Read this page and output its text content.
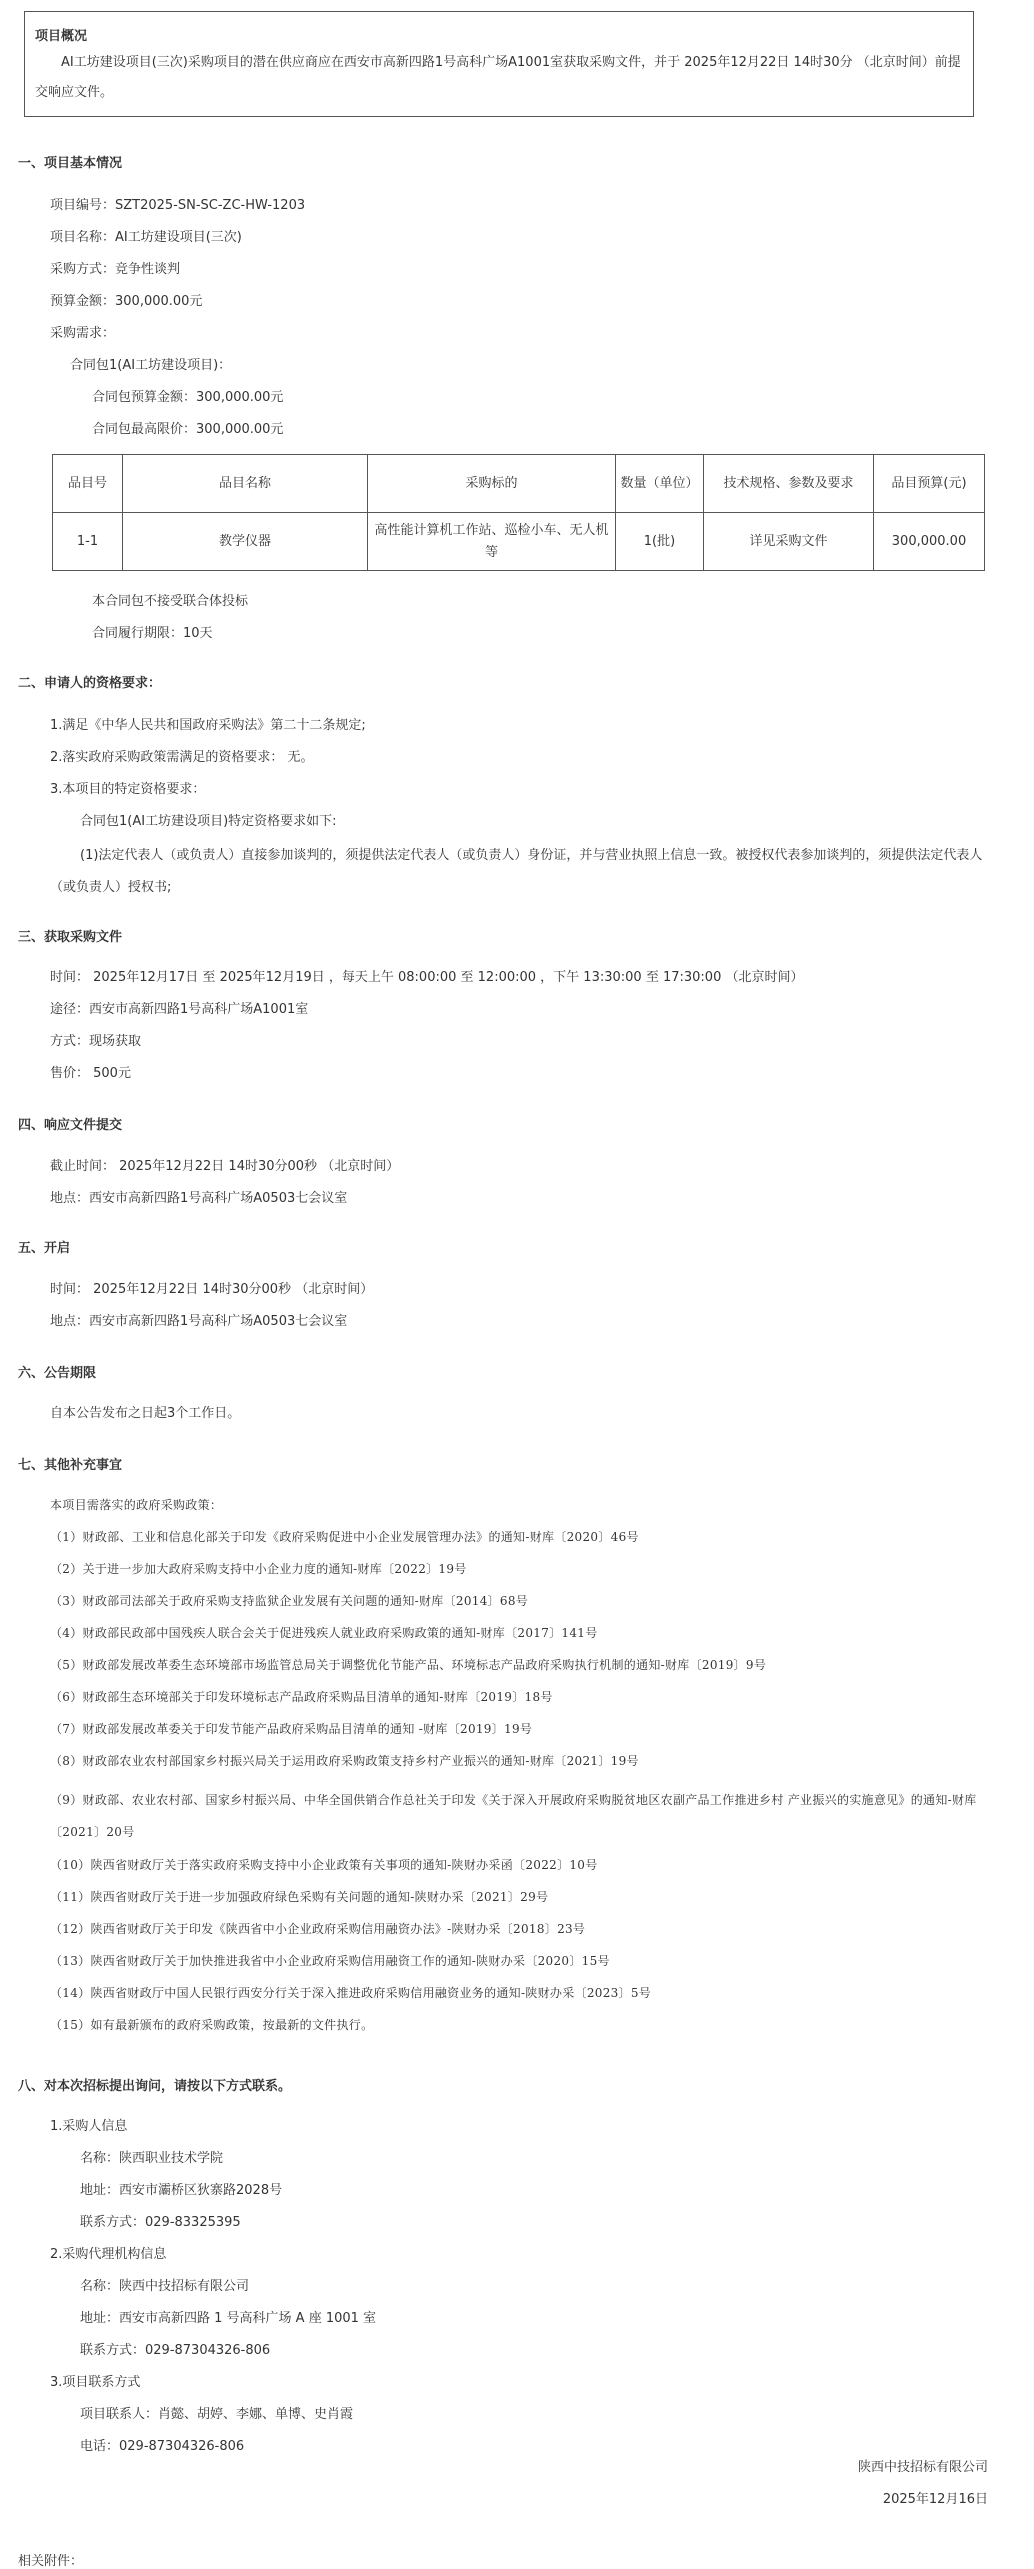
项目概况
AI工坊建设项目(三次)采购项目的潜在供应商应在西安市高新四路1号高科广场A1001室获取采购文件，并于 2025年12月22日 14时30分 （北京时间）前提交响应文件。
一、项目基本情况
项目编号：SZT2025-SN-SC-ZC-HW-1203
项目名称：AI工坊建设项目(三次)
采购方式：竞争性谈判
预算金额：300,000.00元
采购需求：
合同包1(AI工坊建设项目)：
合同包预算金额：300,000.00元
合同包最高限价：300,000.00元
品目号	品目名称	采购标的	数量（单位）	技术规格、参数及要求	品目预算(元)
1-1	教学仪器	高性能计算机工作站、巡检小车、无人机等	1(批)	详见采购文件	300,000.00
本合同包不接受联合体投标
合同履行期限：10天
二、申请人的资格要求：
1.满足《中华人民共和国政府采购法》第二十二条规定;
2.落实政府采购政策需满足的资格要求： 无。
3.本项目的特定资格要求：
合同包1(AI工坊建设项目)特定资格要求如下:
(1)法定代表人（或负责人）直接参加谈判的，须提供法定代表人（或负责人）身份证，并与营业执照上信息一致。被授权代表参加谈判的，须提供法定代表人（或负责人）授权书;
三、获取采购文件
时间： 2025年12月17日 至 2025年12月19日 ，每天上午 08:00:00 至 12:00:00 ，下午 13:30:00 至 17:30:00 （北京时间）
途径：西安市高新四路1号高科广场A1001室
方式：现场获取
售价： 500元
四、响应文件提交
截止时间： 2025年12月22日 14时30分00秒 （北京时间）
地点：西安市高新四路1号高科广场A0503七会议室
五、开启
时间： 2025年12月22日 14时30分00秒 （北京时间）
地点：西安市高新四路1号高科广场A0503七会议室
六、公告期限
自本公告发布之日起3个工作日。
七、其他补充事宜
本项目需落实的政府采购政策：
（1）财政部、工业和信息化部关于印发《政府采购促进中小企业发展管理办法》的通知-财库〔2020〕46号
（2）关于进一步加大政府采购支持中小企业力度的通知-财库〔2022〕19号
（3）财政部司法部关于政府采购支持监狱企业发展有关问题的通知-财库〔2014〕68号
（4）财政部民政部中国残疾人联合会关于促进残疾人就业政府采购政策的通知-财库〔2017〕141号
（5）财政部发展改革委生态环境部市场监管总局关于调整优化节能产品、环境标志产品政府采购执行机制的通知-财库〔2019〕9号
（6）财政部生态环境部关于印发环境标志产品政府采购品目清单的通知-财库〔2019〕18号
（7）财政部发展改革委关于印发节能产品政府采购品目清单的通知 -财库〔2019〕19号
（8）财政部农业农村部国家乡村振兴局关于运用政府采购政策支持乡村产业振兴的通知-财库〔2021〕19号
（9）财政部、农业农村部、国家乡村振兴局、中华全国供销合作总社关于印发《关于深入开展政府采购脱贫地区农副产品工作推进乡村 产业振兴的实施意见》的通知-财库〔2021〕20号
（10）陕西省财政厅关于落实政府采购支持中小企业政策有关事项的通知-陕财办采函〔2022〕10号
（11）陕西省财政厅关于进一步加强政府绿色采购有关问题的通知-陕财办采〔2021〕29号
（12）陕西省财政厅关于印发《陕西省中小企业政府采购信用融资办法》-陕财办采〔2018〕23号
（13）陕西省财政厅关于加快推进我省中小企业政府采购信用融资工作的通知-陕财办采〔2020〕15号
（14）陕西省财政厅中国人民银行西安分行关于深入推进政府采购信用融资业务的通知-陕财办采〔2023〕5号
（15）如有最新颁布的政府采购政策，按最新的文件执行。
八、对本次招标提出询问，请按以下方式联系。
1.采购人信息
名称：陕西职业技术学院
地址：西安市灞桥区狄寨路2028号
联系方式：029-83325395
2.采购代理机构信息
名称：陕西中技招标有限公司
地址：西安市高新四路 1 号高科广场 A 座 1001 室
联系方式：029-87304326-806
3.项目联系方式
项目联系人：肖懿、胡婷、李娜、单博、史肖霞
电话：029-87304326-806
陕西中技招标有限公司
2025年12月16日
相关附件：
